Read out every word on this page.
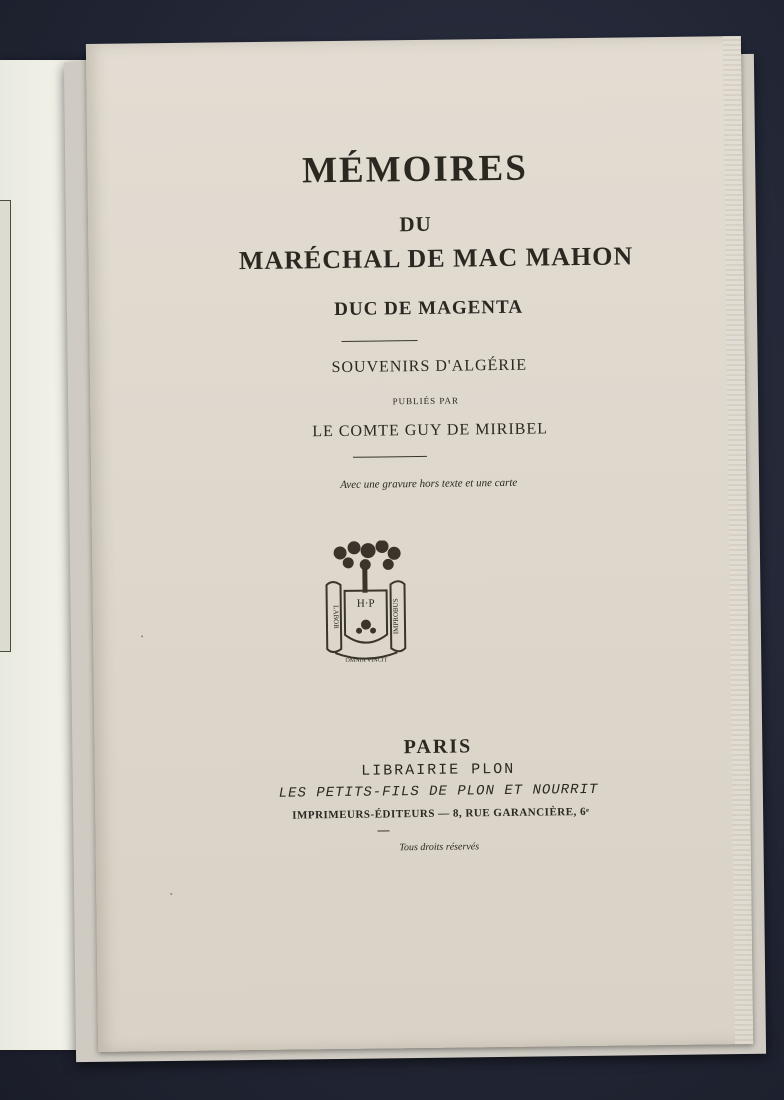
MÉMOIRES
DU
MARÉCHAL DE MAC MAHON
DUC DE MAGENTA
SOUVENIRS D'ALGÉRIE
PUBLIÉS PAR
LE COMTE GUY DE MIRIBEL
Avec une gravure hors texte et une carte
H·P
LABOR	IMPROBUS
OMNIA VINCIT
PARIS
LIBRAIRIE PLON
LES PETITS-FILS DE PLON ET NOURRIT
IMPRIMEURS-ÉDITEURS — 8, RUE GARANCIÈRE, 6ᵉ
Tous droits réservés
